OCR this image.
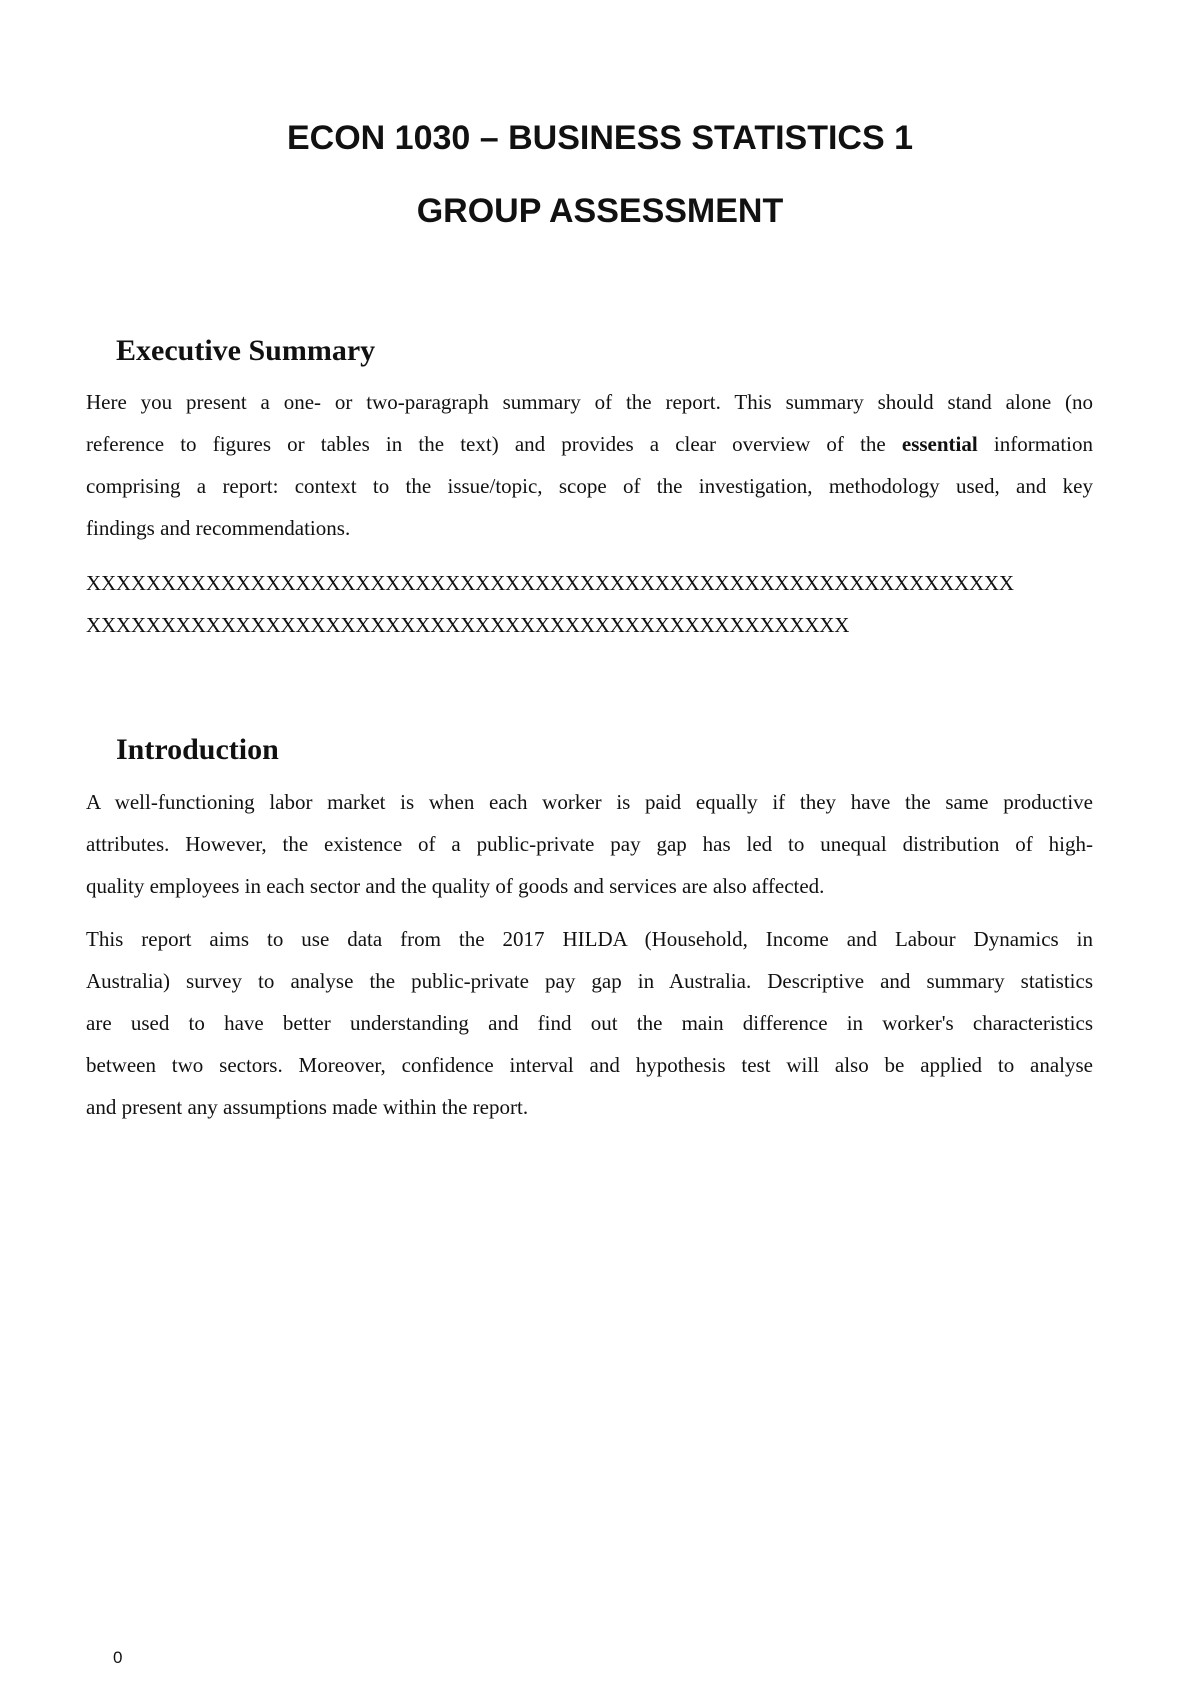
ECON 1030 – BUSINESS STATISTICS 1
GROUP ASSESSMENT
Executive Summary

Here you present a one- or two-paragraph summary of the report. This summary should stand alone (no
reference to figures or tables in the text) and provides a clear overview of the essential information
comprising a report: context to the issue/topic, scope of the investigation, methodology used, and key
findings and recommendations.

XXXXXXXXXXXXXXXXXXXXXXXXXXXXXXXXXXXXXXXXXXXXXXXXXXXXXXXXXXXXXX
XXXXXXXXXXXXXXXXXXXXXXXXXXXXXXXXXXXXXXXXXXXXXXXXXXX
Introduction

A well-functioning labor market is when each worker is paid equally if they have the same productive
attributes. However, the existence of a public-private pay gap has led to unequal distribution of high-
quality employees in each sector and the quality of goods and services are also affected.

This report aims to use data from the 2017 HILDA (Household, Income and Labour Dynamics in
Australia) survey to analyse the public-private pay gap in Australia. Descriptive and summary statistics
are used to have better understanding and find out the main difference in worker's characteristics
between two sectors. Moreover, confidence interval and hypothesis test will also be applied to analyse
and present any assumptions made within the report.

0
